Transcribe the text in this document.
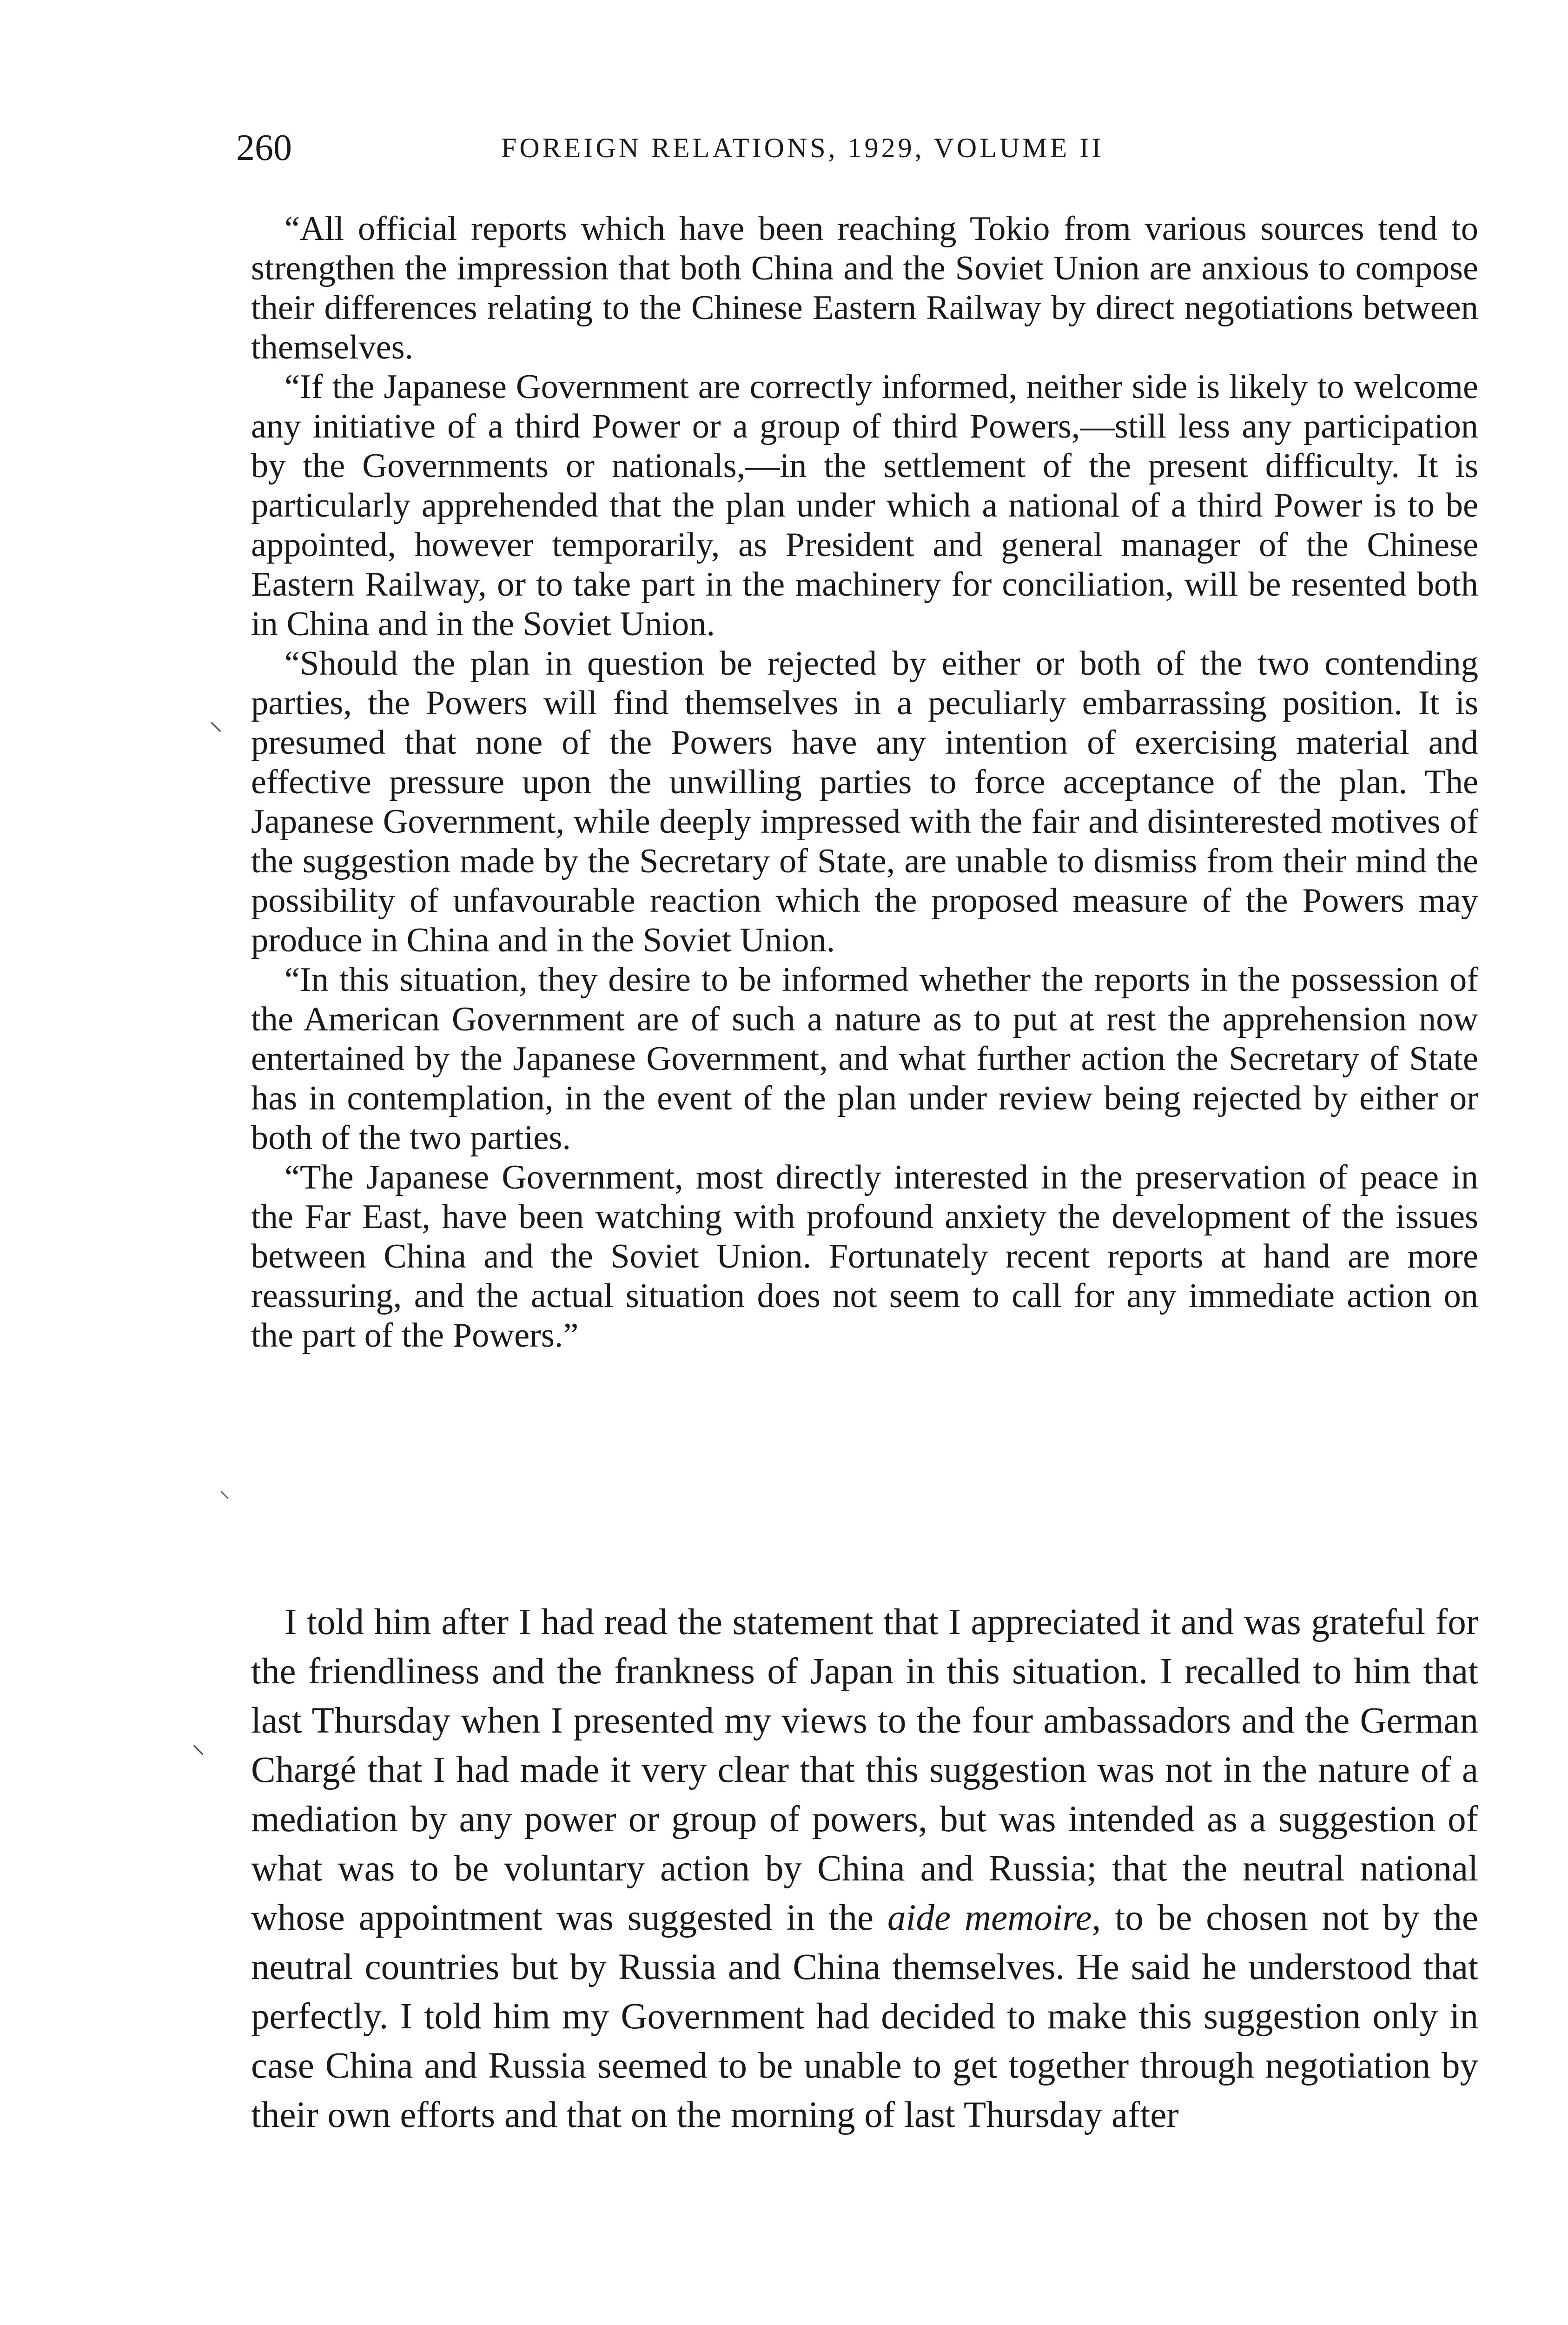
260	FOREIGN RELATIONS, 1929, VOLUME II

“All official reports which have been reaching Tokio from various sources tend to strengthen the impression that both China and the Soviet Union are anxious to compose their differences relating to the Chinese Eastern Railway by direct negotiations between themselves.

“If the Japanese Government are correctly informed, neither side is likely to welcome any initiative of a third Power or a group of third Powers,—still less any participation by the Governments or nationals,—in the settlement of the present difficulty. It is particularly apprehended that the plan under which a national of a third Power is to be appointed, however temporarily, as President and general manager of the Chinese Eastern Railway, or to take part in the machinery for conciliation, will be resented both in China and in the Soviet Union.

“Should the plan in question be rejected by either or both of the two contending parties, the Powers will find themselves in a peculiarly embarrassing position. It is presumed that none of the Powers have any intention of exercising material and effective pressure upon the unwilling parties to force acceptance of the plan. The Japanese Government, while deeply impressed with the fair and disinterested motives of the suggestion made by the Secretary of State, are unable to dismiss from their mind the possibility of unfavourable reaction which the proposed measure of the Powers may produce in China and in the Soviet Union.

“In this situation, they desire to be informed whether the reports in the possession of the American Government are of such a nature as to put at rest the apprehension now entertained by the Japanese Government, and what further action the Secretary of State has in contemplation, in the event of the plan under review being rejected by either or both of the two parties.

“The Japanese Government, most directly interested in the preservation of peace in the Far East, have been watching with profound anxiety the development of the issues between China and the Soviet Union. Fortunately recent reports at hand are more reassuring, and the actual situation does not seem to call for any immediate action on the part of the Powers.”

I told him after I had read the statement that I appreciated it and was grateful for the friendliness and the frankness of Japan in this situation. I recalled to him that last Thursday when I presented my views to the four ambassadors and the German Chargé that I had made it very clear that this suggestion was not in the nature of a mediation by any power or group of powers, but was intended as a suggestion of what was to be voluntary action by China and Russia; that the neutral national whose appointment was suggested in the aide memoire, to be chosen not by the neutral countries but by Russia and China themselves. He said he understood that perfectly. I told him my Government had decided to make this suggestion only in case China and Russia seemed to be unable to get together through negotiation by their own efforts and that on the morning of last Thursday after

⸌
⸌
⸌
